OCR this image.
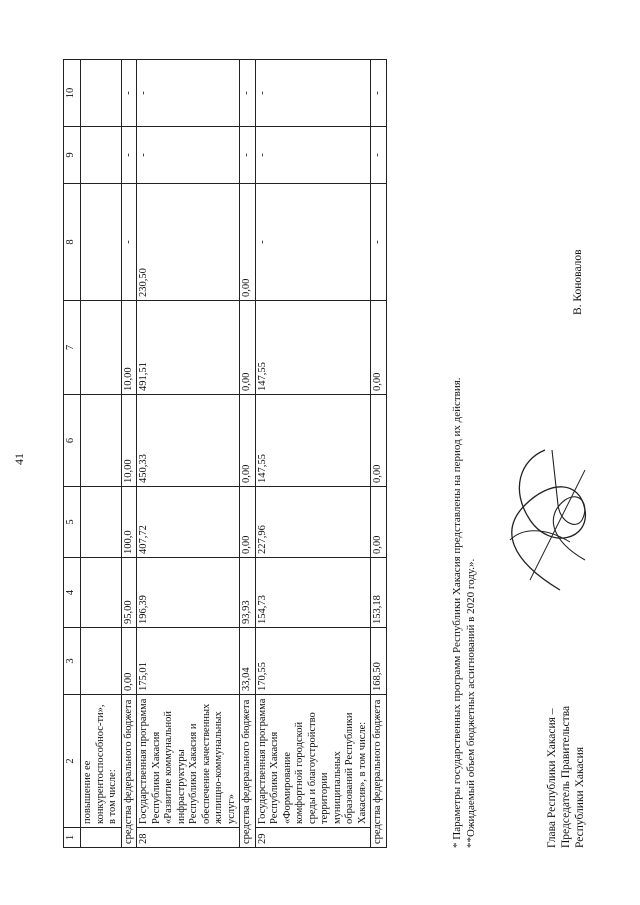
41
1	2	3	4	5	6	7	8	9	10
	повышение ее конкурентоспособнос-ти», в том числе:								
средства федерального бюджета		0,00	95,00	100,0	10,00	10,00	-	-	-
28	Государственная программа Республики Хакасия «Развитие коммунальной инфраструктуры Республики Хакасия и обеспечение качественных жилищно-коммунальных услуг»	175,01	196,39	407,72	450,33	491,51	230,50	-	-
средства федерального бюджета		33,04	93,93	0,00	0,00	0,00	0,00	-	-
29	Государственная программа Республики Хакасия «Формирование комфортной городской среды и благоустройство территории муниципальных образований Республики Хакасия», в том числе:	170,55	154,73	227,96	147,55	147,55	-	-	-
средства федерального бюджета		168,50	153,18	0,00	0,00	0,00	-	-	-
* Параметры государственных программ Республики Хакасия представлены на период их действия. **Ожидаемый объем бюджетных ассигнований в 2020 году.».	Глава Республики Хакасия – Председатель Правительства Республики Хакасия
В. Коновалов
